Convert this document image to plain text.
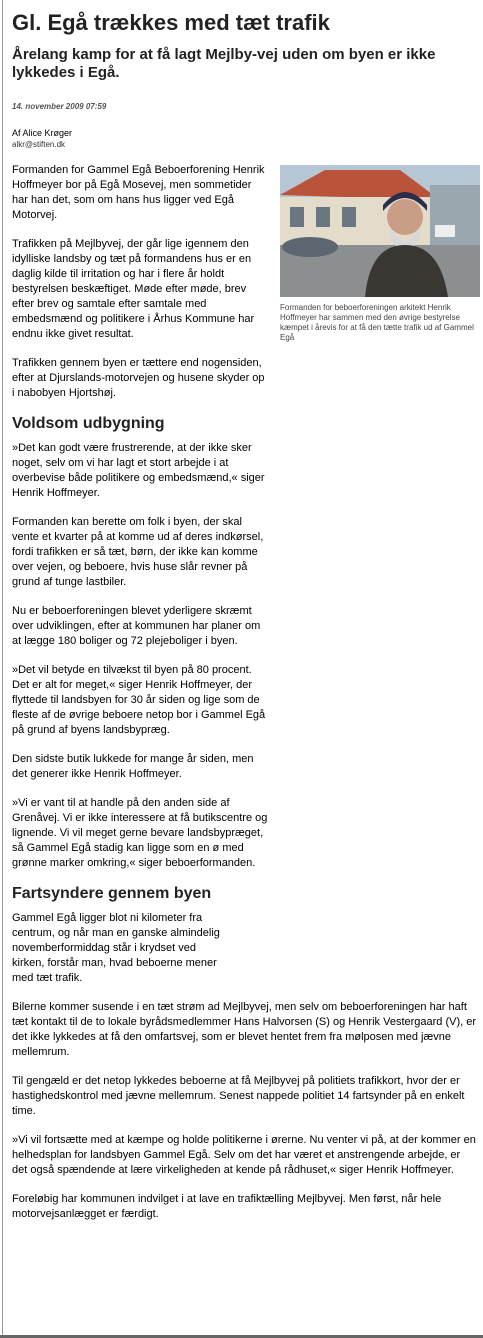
Gl. Egå trækkes med tæt trafik
Årelang kamp for at få lagt Mejlby-vej uden om byen er ikke lykkedes i Egå.
14. november 2009 07:59
Af Alice Krøger
alkr@stiften.dk

Formanden for Gammel Egå Beboerforening Henrik Hoffmeyer bor på Egå Mosevej, men sommetider har han det, som om hans hus ligger ved Egå Motorvej.

Trafikken på Mejlbyvej, der går lige igennem den idylliske landsby og tæt på formandens hus er en daglig kilde til irritation og har i flere år holdt bestyrelsen beskæftiget. Møde efter møde, brev efter brev og samtale efter samtale med embedsmænd og politikere i Århus Kommune har endnu ikke givet resultat.

Trafikken gennem byen er tættere end nogensiden, efter at Djurslands-motorvejen og husene skyder op i nabobyen Hjortshøj.

Voldsom udbygning

»Det kan godt være frustrerende, at der ikke sker noget, selv om vi har lagt et stort arbejde i at overbevise både politikere og embedsmænd,« siger Henrik Hoffmeyer.

Formanden kan berette om folk i byen, der skal vente et kvarter på at komme ud af deres indkørsel, fordi trafikken er så tæt, børn, der ikke kan komme over vejen, og beboere, hvis huse slår revner på grund af tunge lastbiler.

Nu er beboerforeningen blevet yderligere skræmt over udviklingen, efter at kommunen har planer om at lægge 180 boliger og 72 plejeboliger i byen.

»Det vil betyde en tilvækst til byen på 80 procent. Det er alt for meget,« siger Henrik Hoffmeyer, der flyttede til landsbyen for 30 år siden og lige som de fleste af de øvrige beboere netop bor i Gammel Egå på grund af byens landsbypræg.

Den sidste butik lukkede for mange år siden, men det generer ikke Henrik Hoffmeyer.

»Vi er vant til at handle på den anden side af Grenåvej. Vi er ikke interessere at få butikscentre og lignende. Vi vil meget gerne bevare landsbypræget, så Gammel Egå stadig kan ligge som en ø med grønne marker omkring,« siger beboerformanden.

Fartsyndere gennem byen

Gammel Egå ligger blot ni kilometer fra centrum, og når man en ganske almindelig novemberformiddag står i krydset ved kirken, forstår man, hvad beboerne mener med tæt trafik.

Bilerne kommer susende i en tæt strøm ad Mejlbyvej, men selv om beboerforeningen har haft tæt kontakt til de to lokale byrådsmedlemmer Hans Halvorsen (S) og Henrik Vestergaard (V), er det ikke lykkedes at få den omfartsvej, som er blevet hentet frem fra mølposen med jævne mellemrum.

Til gengæld er det netop lykkedes beboerne at få Mejlbyvej på politiets trafikkort, hvor der er hastighedskontrol med jævne mellemrum. Senest nappede politiet 14 fartsynder på en enkelt time.

»Vi vil fortsætte med at kæmpe og holde politikerne i ørerne. Nu venter vi på, at der kommer en helhedsplan for landsbyen Gammel Egå. Selv om det har været et anstrengende arbejde, er det også spændende at lære virkeligheden at kende på rådhuset,« siger Henrik Hoffmeyer.

Foreløbig har kommunen indvilget i at lave en trafiktælling Mejlbyvej. Men først, når hele motorvejsanlægget er færdigt.

Formanden for beboerforeningen arkitekt Henrik Hoffmeyer har sammen med den øvrige bestyrelse kæmpet i årevis for at få den tætte trafik ud af Gammel Egå
